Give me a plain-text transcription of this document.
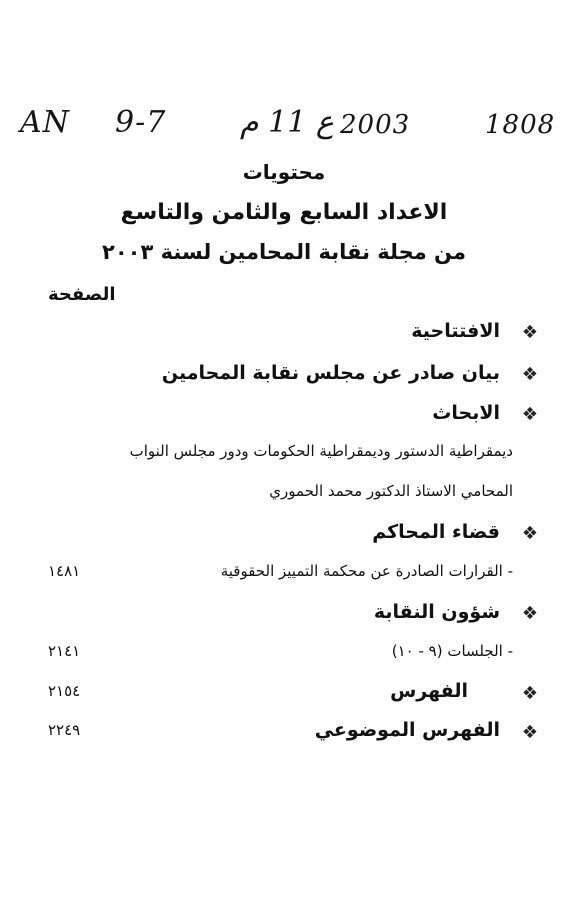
AN 9-7 ع 11 م 2003	1808
محتويات
الاعداد السابع والثامن والتاسع
من مجلة نقابة المحامين لسنة ٢٠٠٣
الصفحة
❖
الافتتاحية
❖
بيان صادر عن مجلس نقابة المحامين
❖
الابحاث
ديمقراطية الدستور وديمقراطية الحكومات ودور مجلس النواب
المحامي الاستاذ الدكتور محمد الحموري
❖
قضاء المحاكم
- القرارات الصادرة عن محكمة التمييز الحقوقية
١٤٨١
❖
شؤون النقابة
- الجلسات (٩ - ١٠)
٢١٤١
❖
الفهرس
٢١٥٤
❖
الفهرس الموضوعي
٢٢٤٩
